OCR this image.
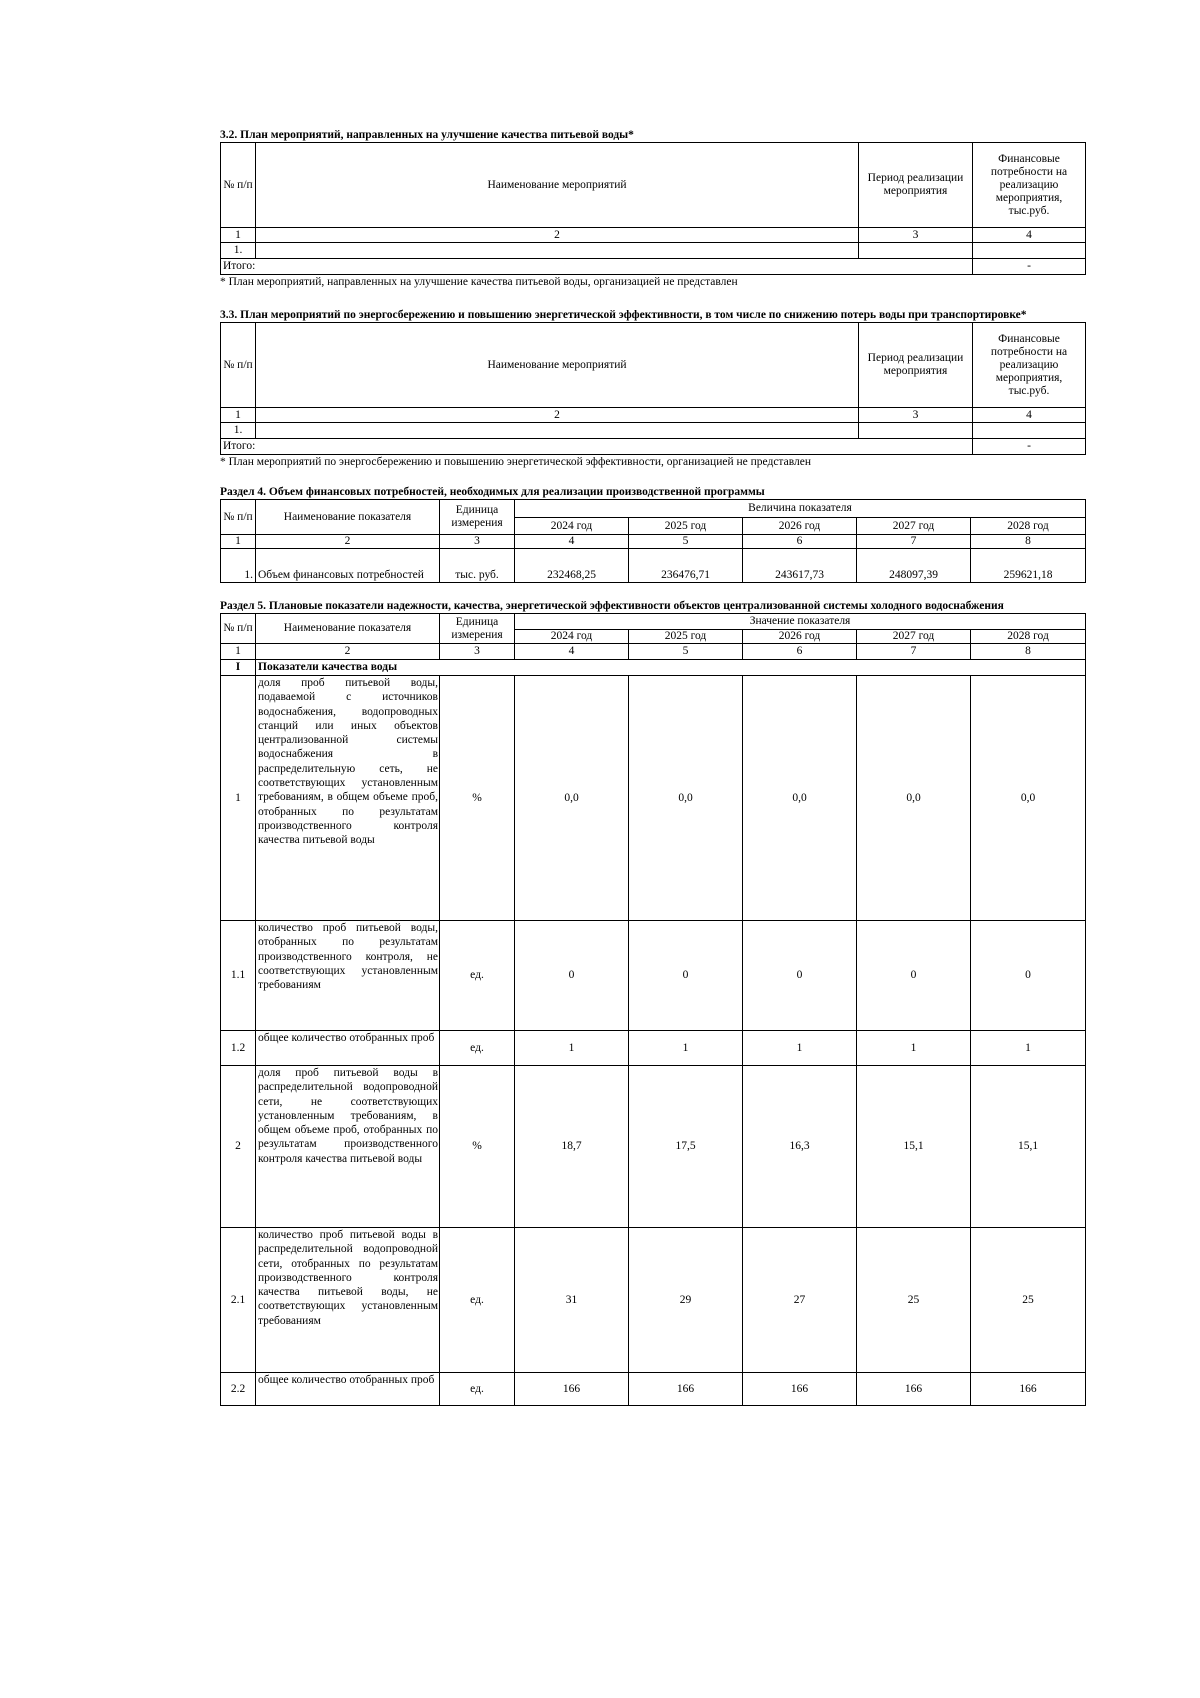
3.2. План мероприятий, направленных на улучшение качества питьевой воды*
№ п/п	Наименование мероприятий	Период реализации мероприятия	Финансовые потребности на реализацию мероприятия, тыс.руб.
1	2	3	4
1.			
Итого:			-
* План мероприятий, направленных на улучшение качества питьевой воды, организацией не представлен
3.3. План мероприятий по энергосбережению и повышению энергетической эффективности, в том числе по снижению потерь воды при транспортировке*
№ п/п	Наименование мероприятий	Период реализации мероприятия	Финансовые потребности на реализацию мероприятия, тыс.руб.
1	2	3	4
1.			
Итого:			-
* План мероприятий по энергосбережению и повышению энергетической эффективности, организацией не представлен
Раздел 4. Объем финансовых потребностей, необходимых для реализации производственной программы
№ п/п	Наименование показателя	Единица измерения	Величина показателя				
			2024 год	2025 год	2026 год	2027 год	2028 год
1	2	3	4	5	6	7	8
1.	Объем финансовых потребностей	тыс. руб.	232468,25	236476,71	243617,73	248097,39	259621,18
Раздел 5. Плановые показатели надежности, качества, энергетической эффективности объектов централизованной системы холодного водоснабжения
№ п/п	Наименование показателя	Единица измерения	Значение показателя				
			2024 год	2025 год	2026 год	2027 год	2028 год
1	2	3	4	5	6	7	8
I	Показатели качества воды						
1	доля проб питьевой воды, подаваемой с источников водоснабжения, водопроводных станций или иных объектов централизованной системы водоснабжения в распределительную сеть, не соответствующих установленным требованиям, в общем объеме проб, отобранных по результатам производственного контроля качества питьевой воды	%	0,0	0,0	0,0	0,0	0,0
1.1	количество проб питьевой воды, отобранных по результатам производственного контроля, не соответствующих установленным требованиям	ед.	0	0	0	0	0
1.2	общее количество отобранных проб	ед.	1	1	1	1	1
2	доля проб питьевой воды в распределительной водопроводной сети, не соответствующих установленным требованиям, в общем объеме проб, отобранных по результатам производственного контроля качества питьевой воды	%	18,7	17,5	16,3	15,1	15,1
2.1	количество проб питьевой воды в распределительной водопроводной сети, отобранных по результатам производственного контроля качества питьевой воды, не соответствующих установленным требованиям	ед.	31	29	27	25	25
2.2	общее количество отобранных проб	ед.	166	166	166	166	166
